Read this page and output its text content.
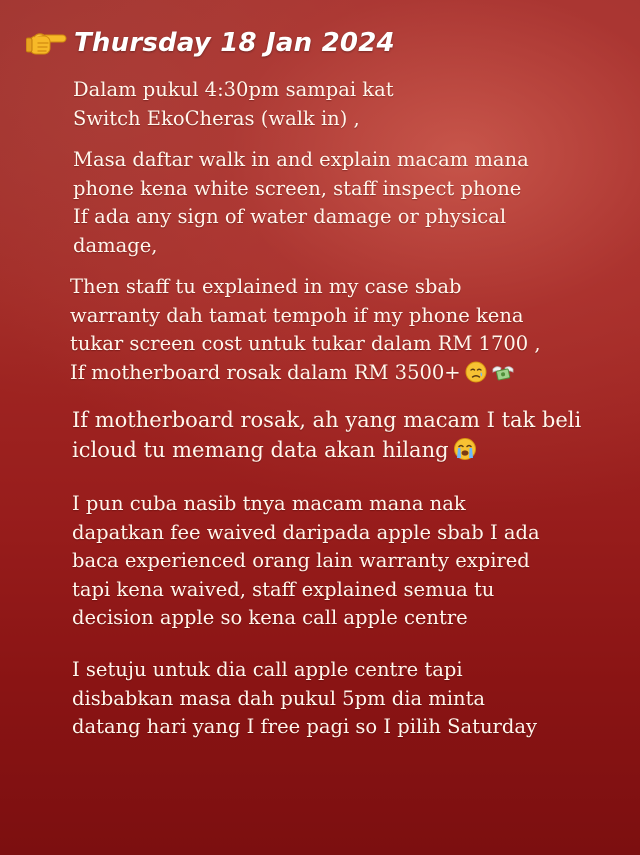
Thursday 18 Jan 2024
Dalam pukul 4:30pm sampai kat
Switch EkoCheras (walk in) ,
Masa daftar walk in and explain macam mana
phone kena white screen, staff inspect phone
If ada any sign of water damage or physical
damage,
Then staff tu explained in my case sbab
warranty dah tamat tempoh if my phone kena
tukar screen cost untuk tukar dalam RM 1700 ,
If motherboard rosak dalam RM 3500+
If motherboard rosak, ah yang macam I tak beli
icloud tu memang data akan hilang
I pun cuba nasib tnya macam mana nak
dapatkan fee waived daripada apple sbab I ada
baca experienced orang lain warranty expired
tapi kena waived, staff explained semua tu
decision apple so kena call apple centre
I setuju untuk dia call apple centre tapi
disbabkan masa dah pukul 5pm dia minta
datang hari yang I free pagi so I pilih Saturday
